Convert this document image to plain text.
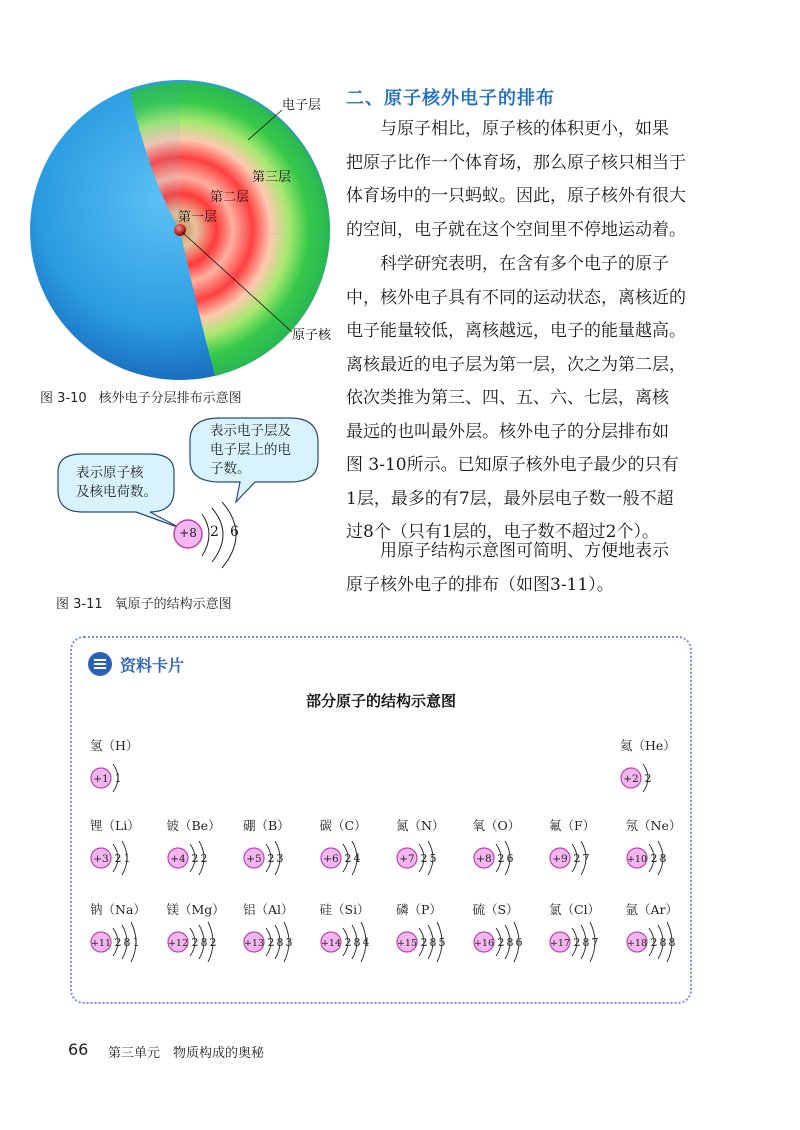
电子层
第三层
第二层
第一层
原子核
图 3-10 核外电子分层排布示意图
二、原子核外电子的排布
与原子相比，原子核的体积更小，如果
把原子比作一个体育场，那么原子核只相当于
体育场中的一只蚂蚁。因此，原子核外有很大
的空间，电子就在这个空间里不停地运动着。
科学研究表明，在含有多个电子的原子
中，核外电子具有不同的运动状态，离核近的
电子能量较低，离核越远，电子的能量越高。
离核最近的电子层为第一层，次之为第二层，
依次类推为第三、四、五、六、七层，离核
最远的也叫最外层。核外电子的分层排布如
图 3-10所示。已知原子核外电子最少的只有
1层，最多的有7层，最外层电子数一般不超
过8个（只有1层的，电子数不超过2个）。
用原子结构示意图可简明、方便地表示
原子核外电子的排布（如图3-11）。
表示电子层及
电子层上的电
子数。
表示原子核
及核电荷数。
+8 2 6
图 3-11 氧原子的结构示意图
资料卡片
部分原子的结构示意图
氢（H）
+1 1
氦（He）
+2 2
锂（Li）
+3 2 1
铍（Be）
+4 2 2
硼（B）
+5 2 3
碳（C）
+6 2 4
氮（N）
+7 2 5
氧（O）
+8 2 6
氟（F）
+9 2 7
氖（Ne）
+10 2 8
钠（Na）
+11 2 8 1
镁（Mg）
+12 2 8 2
铝（Al）
+13 2 8 3
硅（Si）
+14 2 8 4
磷（P）
+15 2 8 5
硫（S）
+16 2 8 6
氯（Cl）
+17 2 8 7
氩（Ar）
+18 2 8 8
66 第三单元　物质构成的奥秘
